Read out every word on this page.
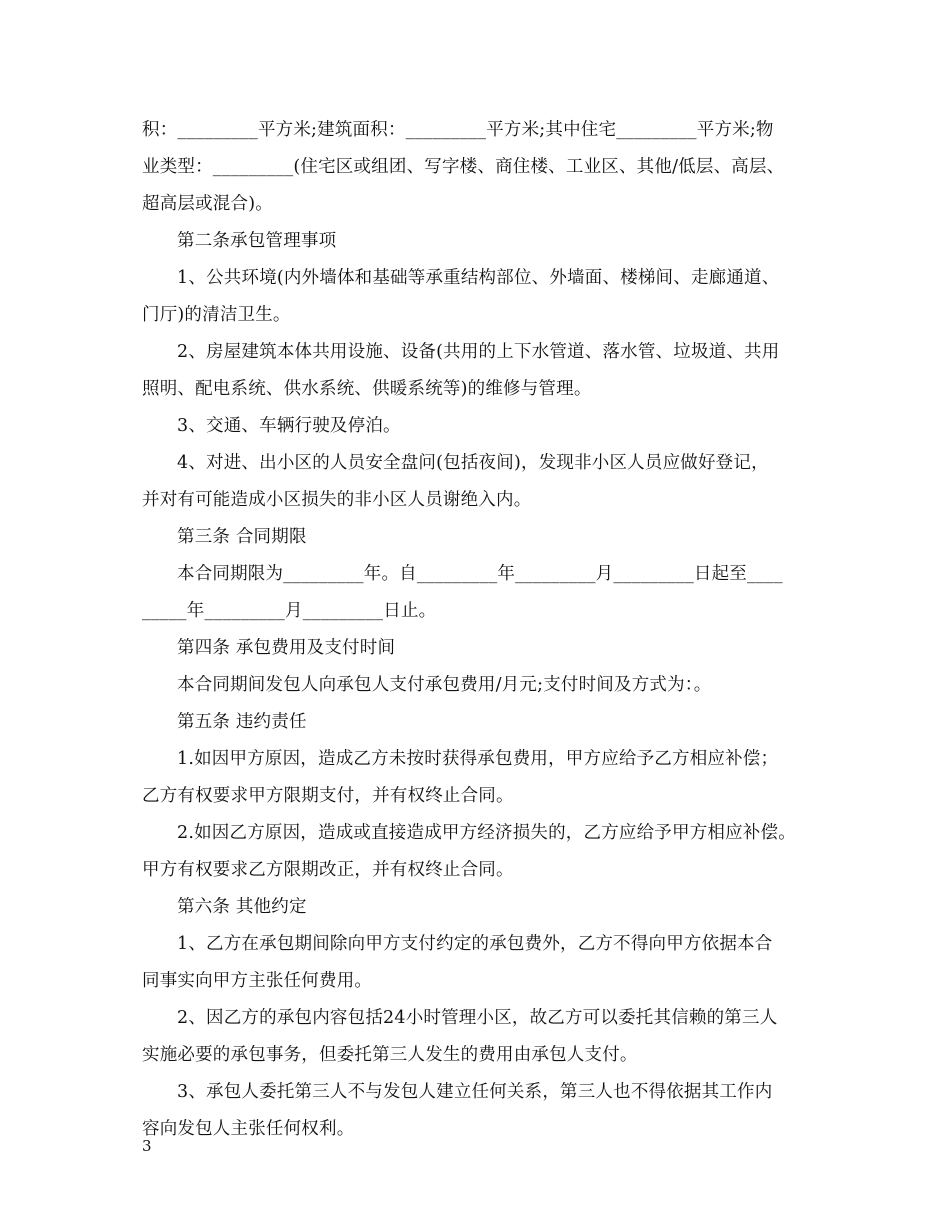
积：_________平方米;建筑面积：_________平方米;其中住宅_________平方米;物
业类型：_________(住宅区或组团、写字楼、商住楼、工业区、其他/低层、高层、
超高层或混合)。
第二条承包管理事项
1、公共环境(内外墙体和基础等承重结构部位、外墙面、楼梯间、走廊通道、
门厅)的清洁卫生。
2、房屋建筑本体共用设施、设备(共用的上下水管道、落水管、垃圾道、共用
照明、配电系统、供水系统、供暖系统等)的维修与管理。
3、交通、车辆行驶及停泊。
4、对进、出小区的人员安全盘问(包括夜间)，发现非小区人员应做好登记，
并对有可能造成小区损失的非小区人员谢绝入内。
第三条 合同期限
本合同期限为_________年。自_________年_________月_________日起至____
_____年_________月_________日止。
第四条 承包费用及支付时间
本合同期间发包人向承包人支付承包费用/月元;支付时间及方式为：。
第五条 违约责任
1.如因甲方原因，造成乙方未按时获得承包费用，甲方应给予乙方相应补偿；
乙方有权要求甲方限期支付，并有权终止合同。
2.如因乙方原因，造成或直接造成甲方经济损失的，乙方应给予甲方相应补偿。
甲方有权要求乙方限期改正，并有权终止合同。
第六条 其他约定
1、乙方在承包期间除向甲方支付约定的承包费外，乙方不得向甲方依据本合
同事实向甲方主张任何费用。
2、因乙方的承包内容包括24小时管理小区，故乙方可以委托其信赖的第三人
实施必要的承包事务，但委托第三人发生的费用由承包人支付。
3、承包人委托第三人不与发包人建立任何关系，第三人也不得依据其工作内
容向发包人主张任何权利。
3
